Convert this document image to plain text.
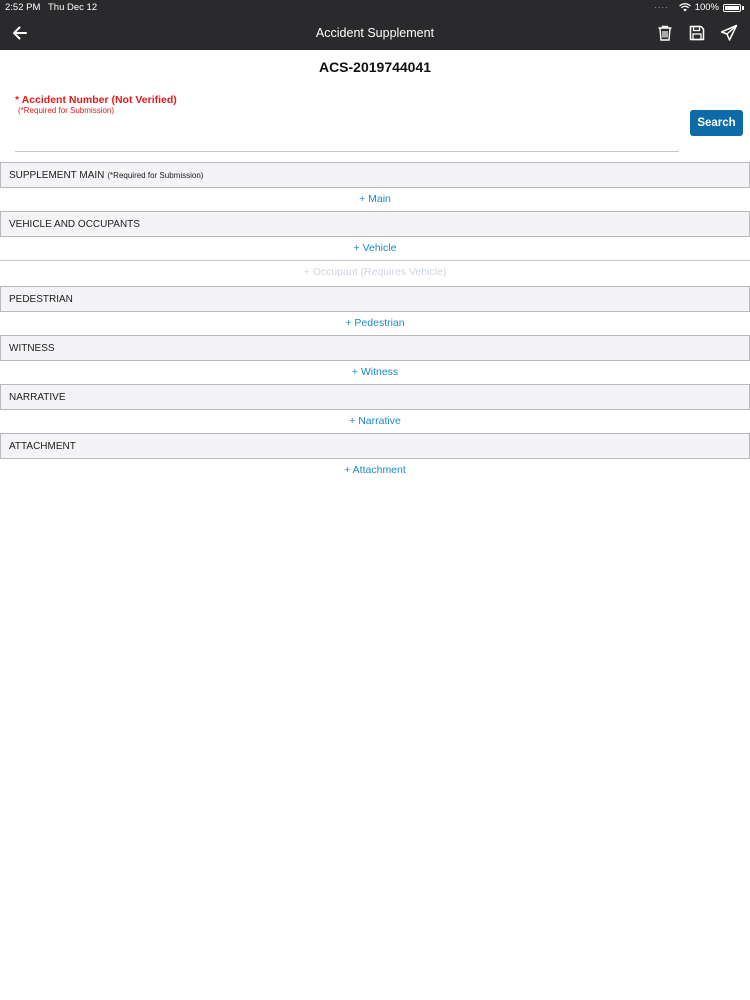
2:52 PM Thu Dec 12	····	100%
Accident Supplement
ACS-2019744041
* Accident Number (Not Verified)
(*Required for Submission)
Search
SUPPLEMENT MAIN (*Required for Submission)
+ Main
VEHICLE AND OCCUPANTS
+ Vehicle
+ Occupant (Requires Vehicle)
PEDESTRIAN
+ Pedestrian
WITNESS
+ Witness
NARRATIVE
+ Narrative
ATTACHMENT
+ Attachment
